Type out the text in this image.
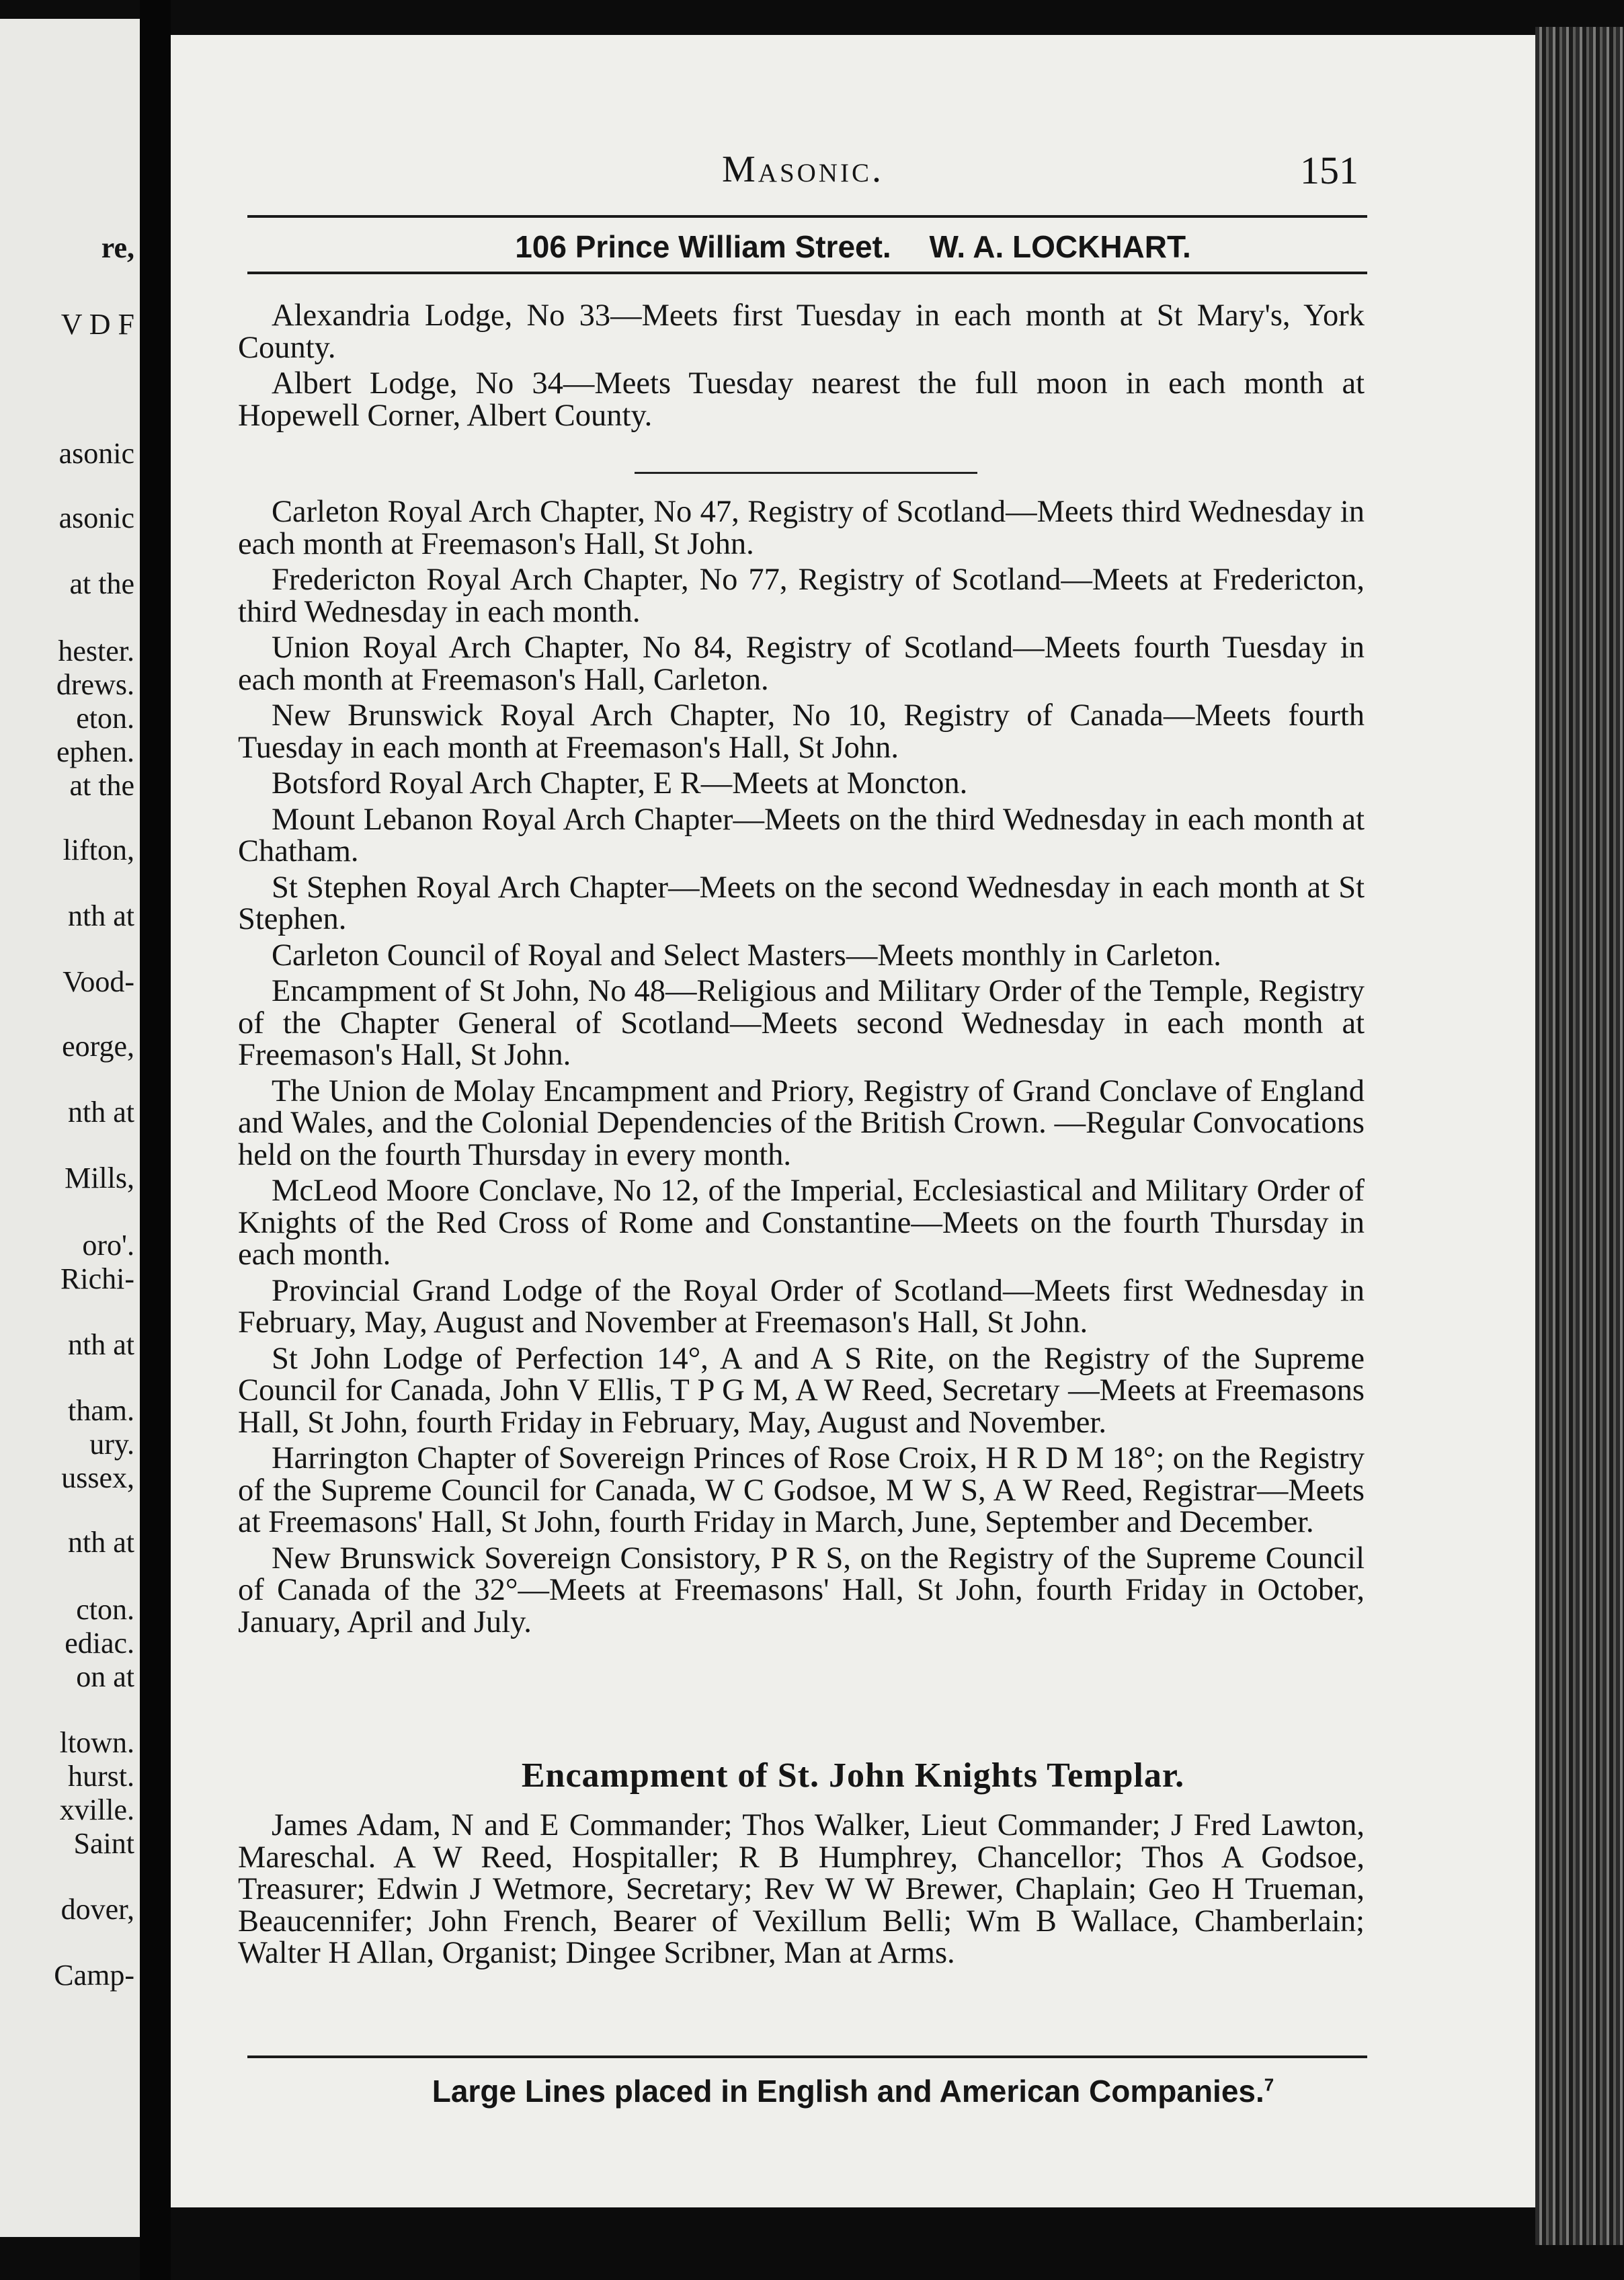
re,
V D F
asonic
asonic
at the
hester.
drews.
eton.
ephen.
at the
lifton,
nth at
Vood-
eorge,
nth at
Mills,
oro'.
Richi-
nth at
tham.
ury.
ussex,
nth at
cton.
ediac.
on at
ltown.
hurst.
xville.
Saint
dover,
Camp-
Masonic.	151
106 Prince William Street. W. A. LOCKHART.

Alexandria Lodge, No 33—Meets first Tuesday in each month at St Mary's, York County.

Albert Lodge, No 34—Meets Tuesday nearest the full moon in each month at Hopewell Corner, Albert County.

Carleton Royal Arch Chapter, No 47, Registry of Scotland—Meets third Wednesday in each month at Freemason's Hall, St John.

Fredericton Royal Arch Chapter, No 77, Registry of Scotland—Meets at Fredericton, third Wednesday in each month.

Union Royal Arch Chapter, No 84, Registry of Scotland—Meets fourth Tuesday in each month at Freemason's Hall, Carleton.

New Brunswick Royal Arch Chapter, No 10, Registry of Canada—Meets fourth Tuesday in each month at Freemason's Hall, St John.

Botsford Royal Arch Chapter, E R—Meets at Moncton.

Mount Lebanon Royal Arch Chapter—Meets on the third Wednesday in each month at Chatham.

St Stephen Royal Arch Chapter—Meets on the second Wednesday in each month at St Stephen.

Carleton Council of Royal and Select Masters—Meets monthly in Carleton.

Encampment of St John, No 48—Religious and Military Order of the Temple, Registry of the Chapter General of Scotland—Meets second Wednesday in each month at Freemason's Hall, St John.

The Union de Molay Encampment and Priory, Registry of Grand Conclave of England and Wales, and the Colonial Dependencies of the British Crown. —Regular Convocations held on the fourth Thursday in every month.

McLeod Moore Conclave, No 12, of the Imperial, Ecclesiastical and Military Order of Knights of the Red Cross of Rome and Constantine—Meets on the fourth Thursday in each month.

Provincial Grand Lodge of the Royal Order of Scotland—Meets first Wednesday in February, May, August and November at Freemason's Hall, St John.

St John Lodge of Perfection 14°, A and A S Rite, on the Registry of the Supreme Council for Canada, John V Ellis, T P G M, A W Reed, Secretary —Meets at Freemasons Hall, St John, fourth Friday in February, May, August and November.

Harrington Chapter of Sovereign Princes of Rose Croix, H R D M 18°; on the Registry of the Supreme Council for Canada, W C Godsoe, M W S, A W Reed, Registrar—Meets at Freemasons' Hall, St John, fourth Friday in March, June, September and December.

New Brunswick Sovereign Consistory, P R S, on the Registry of the Supreme Council of Canada of the 32°—Meets at Freemasons' Hall, St John, fourth Friday in October, January, April and July.

Encampment of St. John Knights Templar.

James Adam, N and E Commander; Thos Walker, Lieut Commander; J Fred Lawton, Mareschal. A W Reed, Hospitaller; R B Humphrey, Chancellor; Thos A Godsoe, Treasurer; Edwin J Wetmore, Secretary; Rev W W Brewer, Chaplain; Geo H Trueman, Beaucennifer; John French, Bearer of Vexillum Belli; Wm B Wallace, Chamberlain; Walter H Allan, Organist; Dingee Scribner, Man at Arms.

Large Lines placed in English and American Companies.$^7$
